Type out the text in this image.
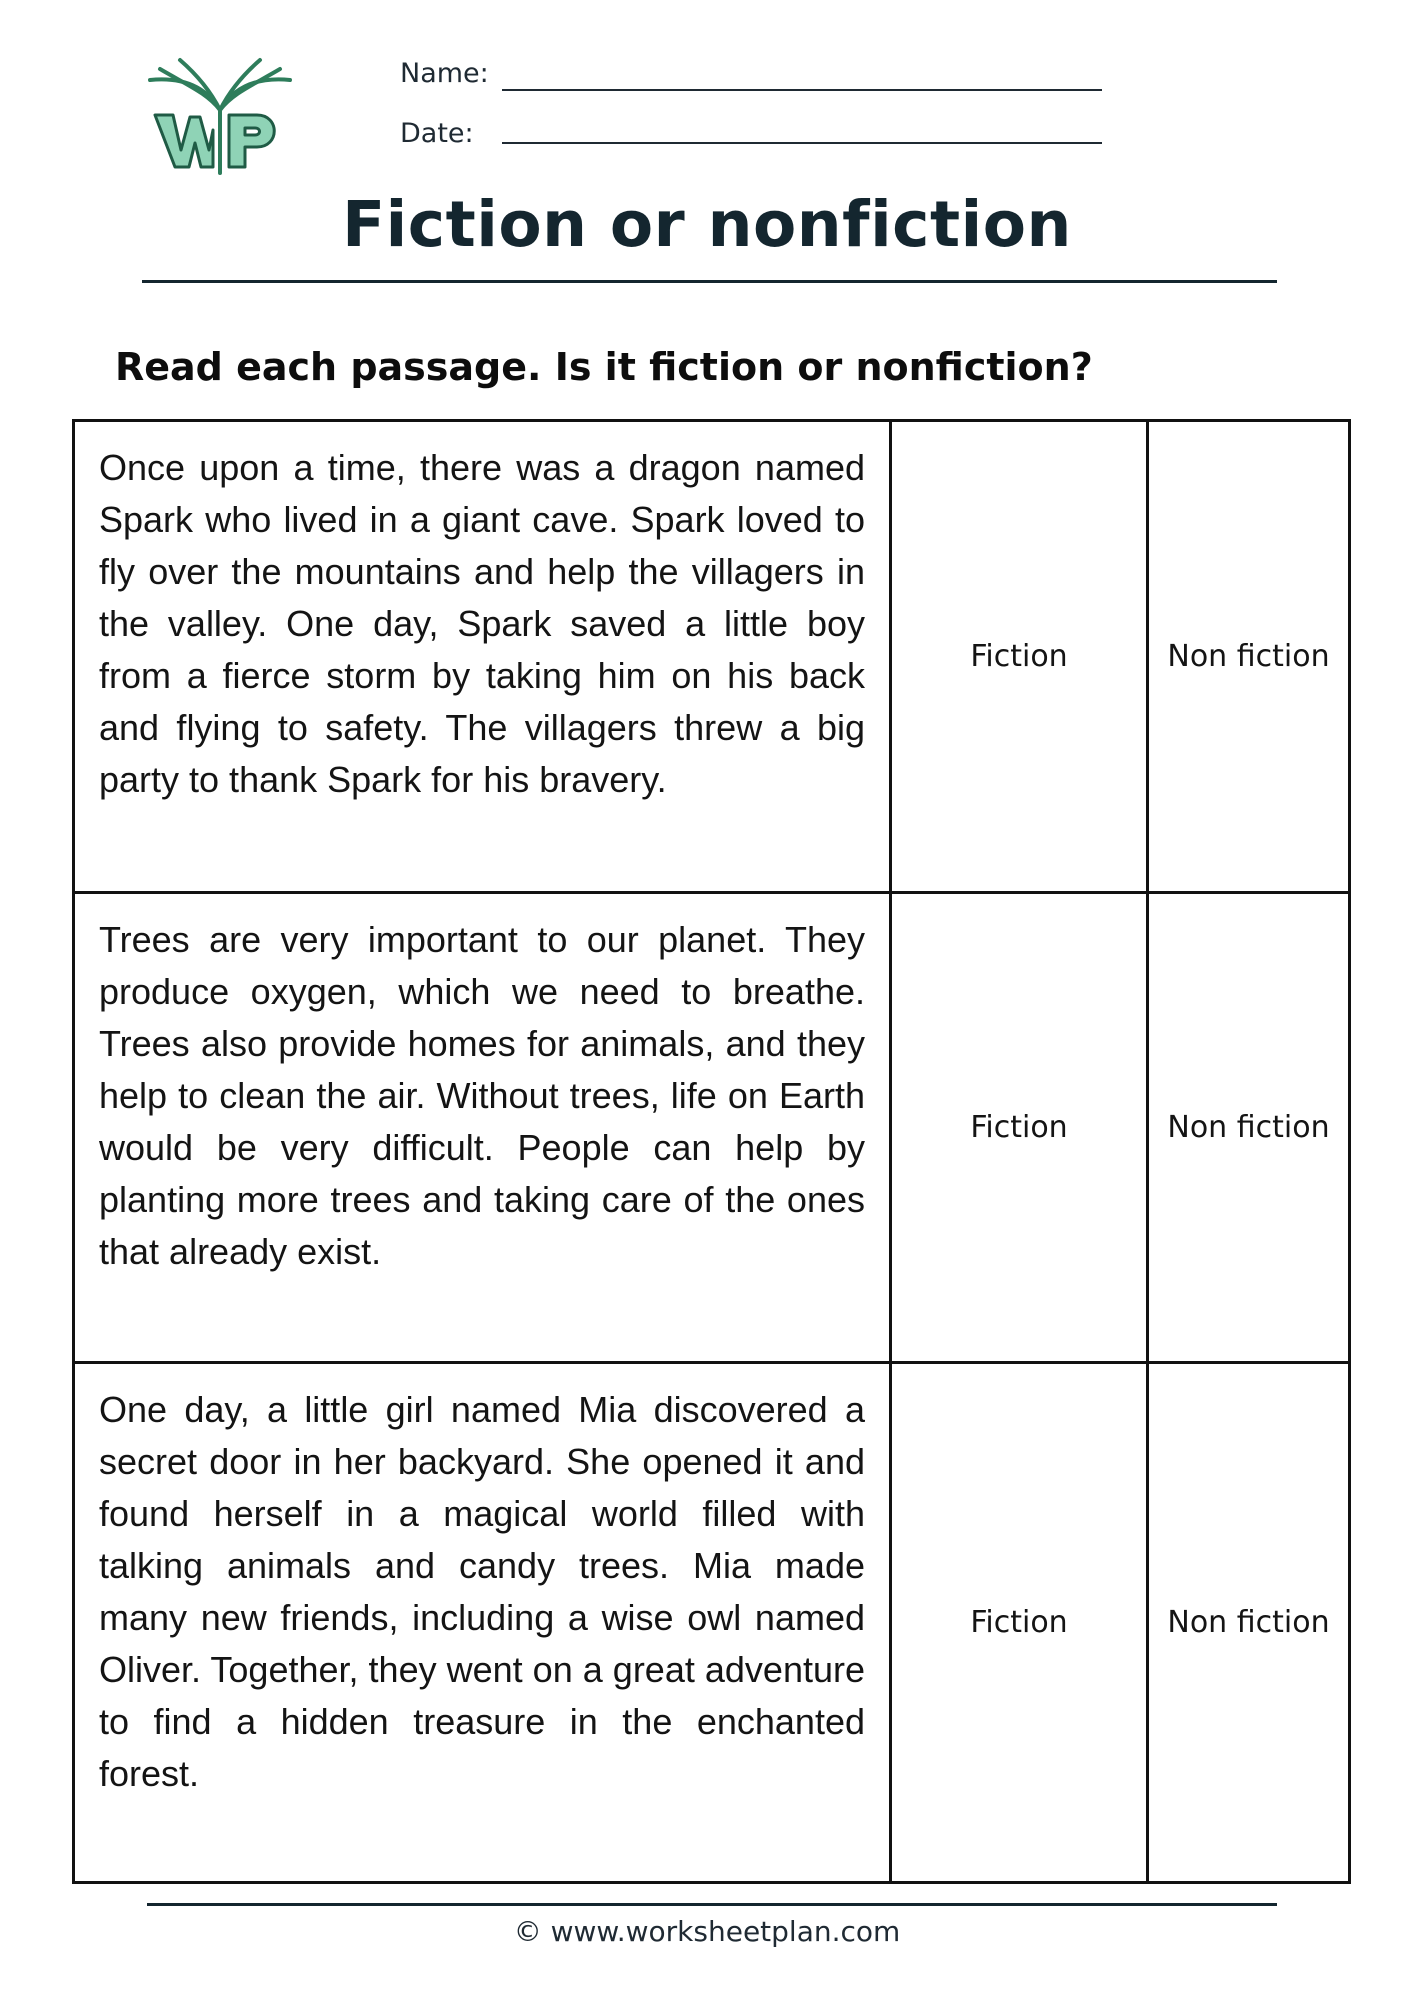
WP
Name:
Date:
Fiction or nonfiction
Read each passage. Is it fiction or nonfiction?
Once upon a time, there was a dragon named Spark who lived in a giant cave. Spark loved to fly over the mountains and help the villagers in the valley. One day, Spark saved a little boy from a fierce storm by taking him on his back and flying to safety. The villagers threw a big party to thank Spark for his bravery.	Fiction	Non fiction
Trees are very important to our planet. They produce oxygen, which we need to breathe. Trees also provide homes for animals, and they help to clean the air. Without trees, life on Earth would be very difficult. People can help by planting more trees and taking care of the ones that already exist.	Fiction	Non fiction
One day, a little girl named Mia discovered a secret door in her backyard. She opened it and found herself in a magical world filled with talking animals and candy trees. Mia made many new friends, including a wise owl named Oliver. Together, they went on a great adventure to find a hidden treasure in the enchanted forest.	Fiction	Non fiction
© www.worksheetplan.com
